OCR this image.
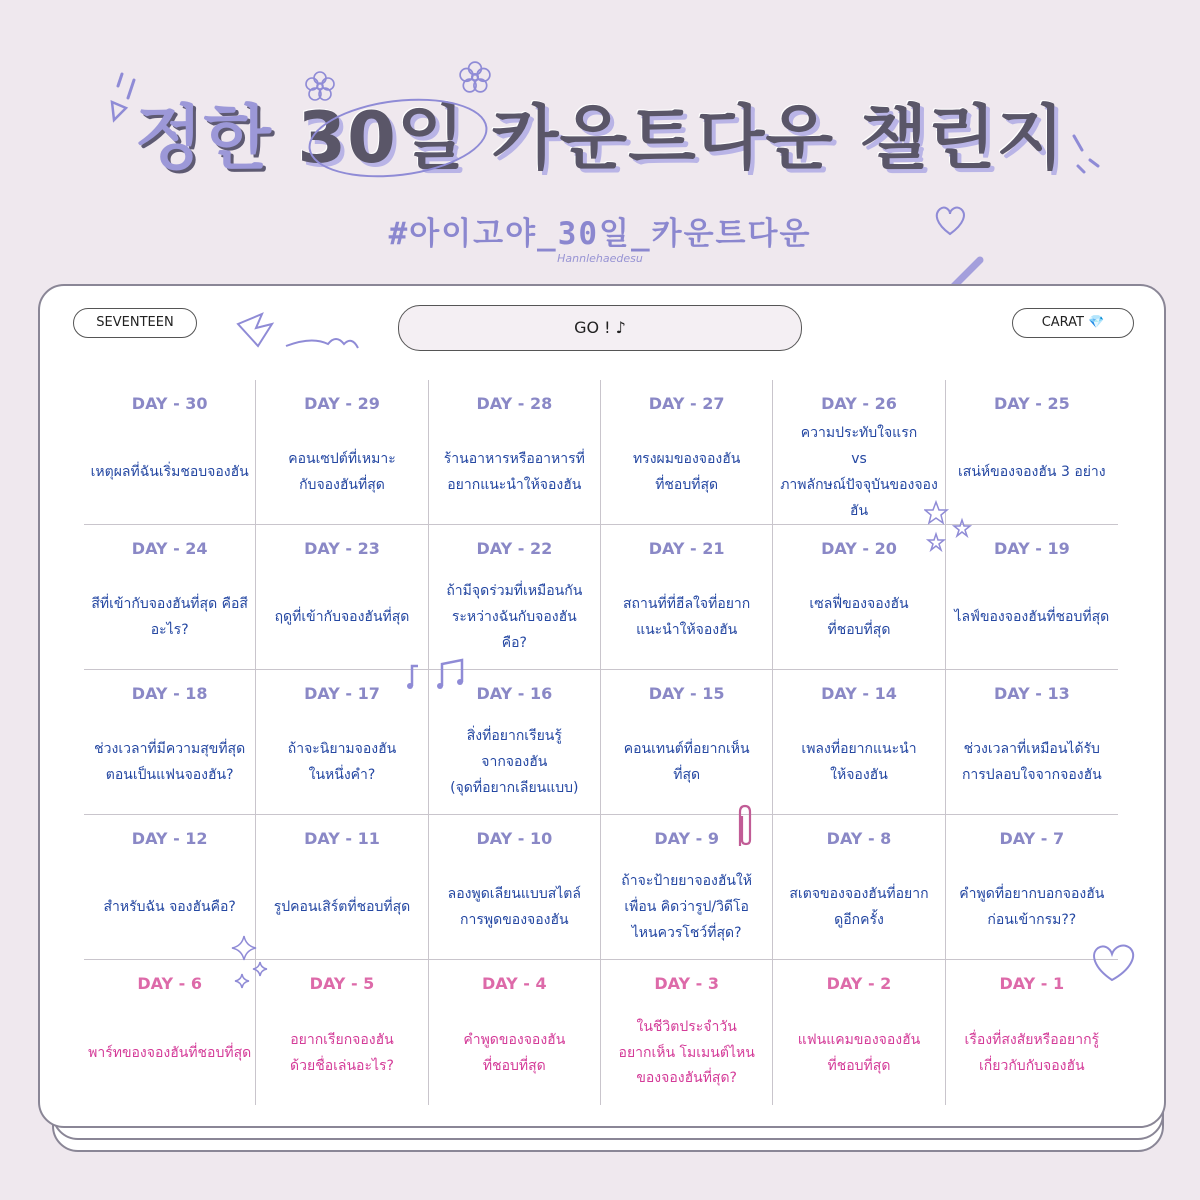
정한 30일 카운트다운 챌린지
#아이고야_30일_카운트다운
Hannlehaedesu
SEVENTEEN	GO ! ♪	CARAT 💎
DAY - 30
เหตุผลที่ฉันเริ่มชอบจองฮัน
DAY - 29
คอนเซปต์ที่เหมาะ
กับจองฮันที่สุด
DAY - 28
ร้านอาหารหรืออาหารที่
อยากแนะนำให้จองฮัน
DAY - 27
ทรงผมของจองฮัน
ที่ชอบที่สุด
DAY - 26
ความประทับใจแรก
vs
ภาพลักษณ์ปัจจุบันของจองฮัน
DAY - 25
เสน่ห์ของจองฮัน 3 อย่าง
DAY - 24
สีที่เข้ากับจองฮันที่สุด คือสีอะไร?
DAY - 23
ฤดูที่เข้ากับจองฮันที่สุด
DAY - 22
ถ้ามีจุดร่วมที่เหมือนกัน
ระหว่างฉันกับจองฮัน
คือ?
DAY - 21
สถานที่ที่ฮีลใจที่อยาก
แนะนำให้จองฮัน
DAY - 20
เซลฟี่ของจองฮัน
ที่ชอบที่สุด
DAY - 19
ไลฟ์ของจองฮันที่ชอบที่สุด
DAY - 18
ช่วงเวลาที่มีความสุขที่สุด
ตอนเป็นแฟนจองฮัน?
DAY - 17
ถ้าจะนิยามจองฮัน
ในหนึ่งคำ?
DAY - 16
สิ่งที่อยากเรียนรู้
จากจองฮัน
(จุดที่อยากเลียนแบบ)
DAY - 15
คอนเทนต์ที่อยากเห็น
ที่สุด
DAY - 14
เพลงที่อยากแนะนำ
ให้จองฮัน
DAY - 13
ช่วงเวลาที่เหมือนได้รับ
การปลอบใจจากจองฮัน
DAY - 12
สำหรับฉัน จองฮันคือ?
DAY - 11
รูปคอนเสิร์ตที่ชอบที่สุด
DAY - 10
ลองพูดเลียนแบบสไตล์
การพูดของจองฮัน
DAY - 9
ถ้าจะป้ายยาจองฮันให้
เพื่อน คิดว่ารูป/วิดีโอ
ไหนควรโชว์ที่สุด?
DAY - 8
สเตจของจองฮันที่อยาก
ดูอีกครั้ง
DAY - 7
คำพูดที่อยากบอกจองฮัน
ก่อนเข้ากรม??
DAY - 6
พาร์ทของจองฮันที่ชอบที่สุด
DAY - 5
อยากเรียกจองฮัน
ด้วยชื่อเล่นอะไร?
DAY - 4
คำพูดของจองฮัน
ที่ชอบที่สุด
DAY - 3
ในชีวิตประจำวัน
อยากเห็น โมเมนต์ไหน
ของจองฮันที่สุด?
DAY - 2
แฟนแคมของจองฮัน
ที่ชอบที่สุด
DAY - 1
เรื่องที่สงสัยหรืออยากรู้
เกี่ยวกับกับจองฮัน
